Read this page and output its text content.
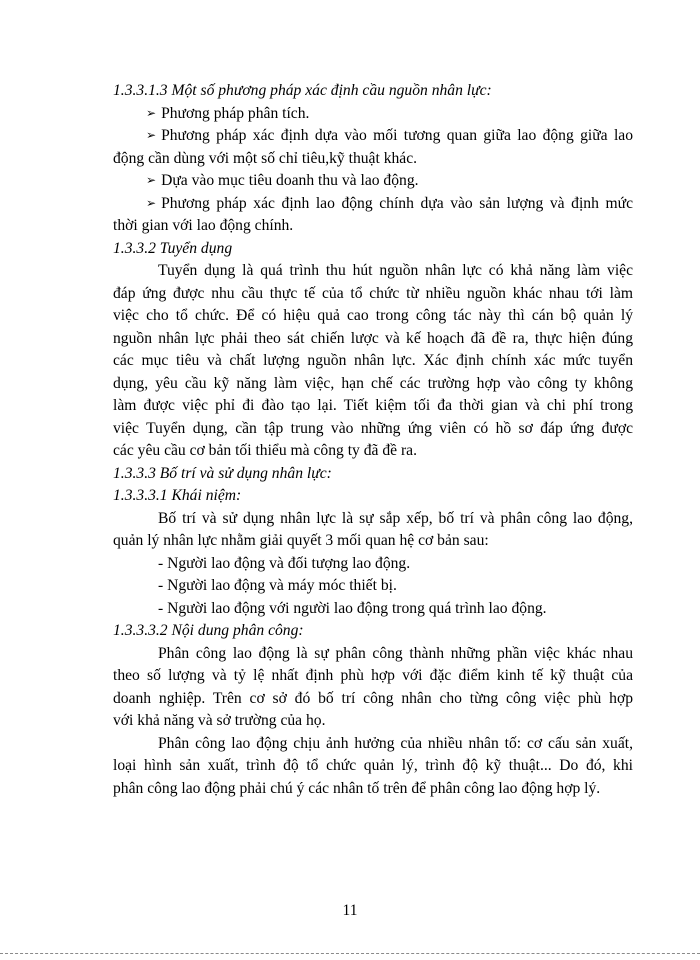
1.3.3.1.3 Một số phương pháp xác định cầu nguồn nhân lực:
➢ Phương pháp phân tích.
➢ Phương pháp xác định dựa vào mối tương quan giữa lao động giữa lao
động cần dùng với một số chỉ tiêu,kỹ thuật khác.
➢ Dựa vào mục tiêu doanh thu và lao động.
➢ Phương pháp xác định lao động chính dựa vào sản lượng và định mức
thời gian với lao động chính.
1.3.3.2 Tuyển dụng
Tuyển dụng là quá trình thu hút nguồn nhân lực có khả năng làm việc
đáp ứng được nhu cầu thực tế của tổ chức từ nhiều nguồn khác nhau tới làm
việc cho tổ chức. Để có hiệu quả cao trong công tác này thì cán bộ quản lý
nguồn nhân lực phải theo sát chiến lược và kế hoạch đã đề ra, thực hiện đúng
các mục tiêu và chất lượng nguồn nhân lực. Xác định chính xác mức tuyển
dụng, yêu cầu kỹ năng làm việc, hạn chế các trường hợp vào công ty không
làm được việc phỉ đi đào tạo lại. Tiết kiệm tối đa thời gian và chi phí trong
việc Tuyển dụng, cần tập trung vào những ứng viên có hồ sơ đáp ứng được
các yêu cầu cơ bản tối thiểu mà công ty đã đề ra.
1.3.3.3 Bố trí và sử dụng nhân lực:
1.3.3.3.1 Khái niệm:
Bố trí và sử dụng nhân lực là sự sắp xếp, bố trí và phân công lao động,
quản lý nhân lực nhằm giải quyết 3 mối quan hệ cơ bản sau:
- Người lao động và đối tượng lao động.
- Người lao động và máy móc thiết bị.
- Người lao động với người lao động trong quá trình lao động.
1.3.3.3.2 Nội dung phân công:
Phân công lao động là sự phân công thành những phần việc khác nhau
theo số lượng và tỷ lệ nhất định phù hợp với đặc điểm kinh tế kỹ thuật của
doanh nghiệp. Trên cơ sở đó bố trí công nhân cho từng công việc phù hợp
với khả năng và sở trường của họ.
Phân công lao động chịu ảnh hưởng của nhiều nhân tố: cơ cấu sản xuất,
loại hình sản xuất, trình độ tổ chức quản lý, trình độ kỹ thuật... Do đó, khi
phân công lao động phải chú ý các nhân tố trên để phân công lao động hợp lý.
11
